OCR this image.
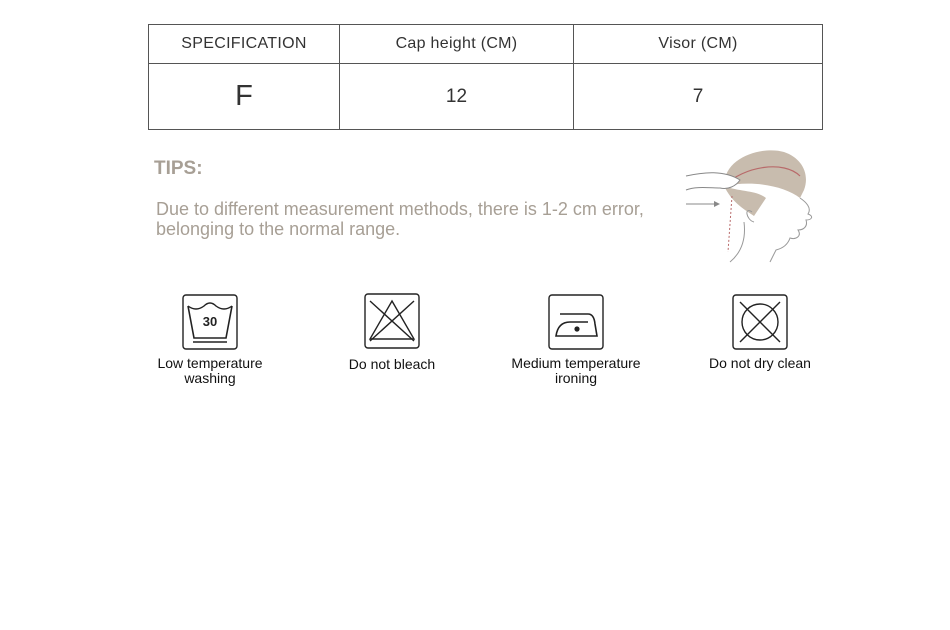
SPECIFICATION	Cap height (CM)	Visor (CM)
F	12	7
TIPS:

Due to different measurement methods, there is 1-2 cm error,
belonging to the normal range.

30
Low temperature
washing
Do not bleach	Medium temperature
ironing
Do not dry clean
